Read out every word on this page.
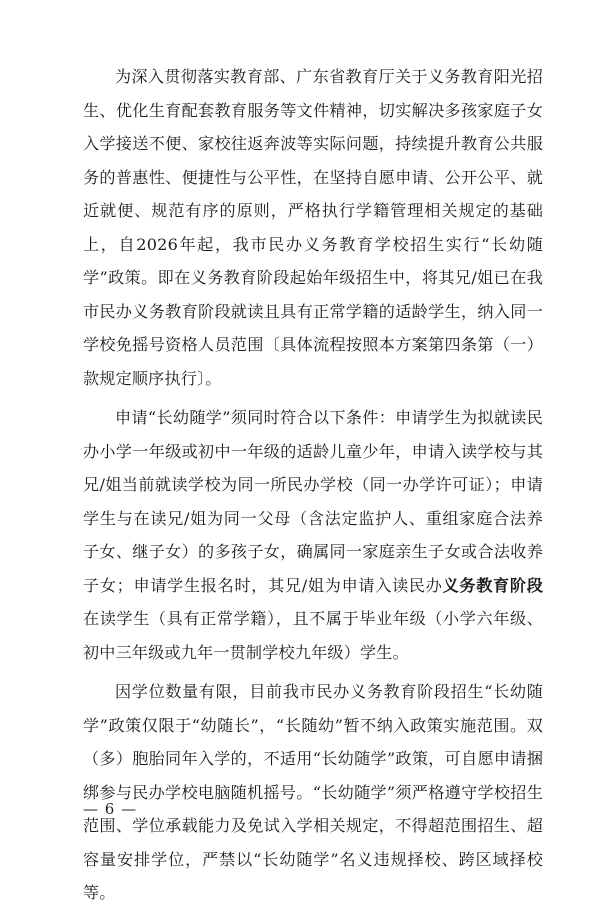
为深入贯彻落实教育部、广东省教育厅关于义务教育阳光招生、优化生育配套教育服务等文件精神，切实解决多孩家庭子女入学接送不便、家校往返奔波等实际问题，持续提升教育公共服务的普惠性、便捷性与公平性，在坚持自愿申请、公开公平、就近就便、规范有序的原则，严格执行学籍管理相关规定的基础上，自2026年起，我市民办义务教育学校招生实行“长幼随学”政策。即在义务教育阶段起始年级招生中，将其兄/姐已在我市民办义务教育阶段就读且具有正常学籍的适龄学生，纳入同一学校免摇号资格人员范围〔具体流程按照本方案第四条第（一）款规定顺序执行〕。

申请“长幼随学”须同时符合以下条件：申请学生为拟就读民办小学一年级或初中一年级的适龄儿童少年，申请入读学校与其兄/姐当前就读学校为同一所民办学校（同一办学许可证）；申请学生与在读兄/姐为同一父母（含法定监护人、重组家庭合法养子女、继子女）的多孩子女，确属同一家庭亲生子女或合法收养子女；申请学生报名时，其兄/姐为申请入读民办义务教育阶段在读学生（具有正常学籍），且不属于毕业年级（小学六年级、初中三年级或九年一贯制学校九年级）学生。

因学位数量有限，目前我市民办义务教育阶段招生“长幼随学”政策仅限于“幼随长”，“长随幼”暂不纳入政策实施范围。双（多）胞胎同年入学的，不适用“长幼随学”政策，可自愿申请捆绑参与民办学校电脑随机摇号。“长幼随学”须严格遵守学校招生范围、学位承载能力及免试入学相关规定，不得超范围招生、超容量安排学位，严禁以“长幼随学”名义违规择校、跨区域择校等。

— 6 —
